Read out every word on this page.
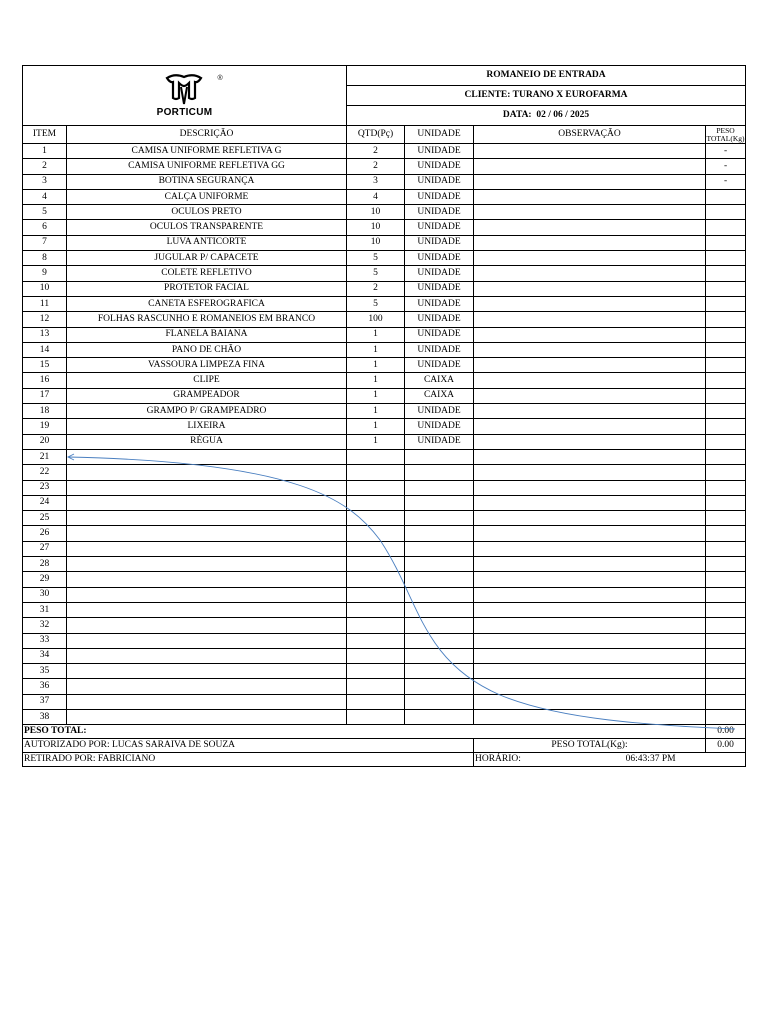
®
PORTICUM		ROMANEIO DE ENTRADA			
		CLIENTE: TURANO X EUROFARMA			
		DATA: 02 / 06 / 2025			
ITEM	DESCRIÇÃO	QTD(Pç)	UNIDADE	OBSERVAÇÃO	PESO TOTAL(Kg)
1	CAMISA UNIFORME REFLETIVA G	2	UNIDADE		-
2	CAMISA UNIFORME REFLETIVA GG	2	UNIDADE		-
3	BOTINA SEGURANÇA	3	UNIDADE		-
4	CALÇA UNIFORME	4	UNIDADE		
5	OCULOS PRETO	10	UNIDADE		
6	OCULOS TRANSPARENTE	10	UNIDADE		
7	LUVA ANTICORTE	10	UNIDADE		
8	JUGULAR P/ CAPACETE	5	UNIDADE		
9	COLETE REFLETIVO	5	UNIDADE		
10	PROTETOR FACIAL	2	UNIDADE		
11	CANETA ESFEROGRAFICA	5	UNIDADE		
12	FOLHAS RASCUNHO E ROMANEIOS EM BRANCO	100	UNIDADE		
13	FLANELA BAIANA	1	UNIDADE		
14	PANO DE CHÃO	1	UNIDADE		
15	VASSOURA LIMPEZA FINA	1	UNIDADE		
16	CLIPE	1	CAIXA		
17	GRAMPEADOR	1	CAIXA		
18	GRAMPO P/ GRAMPEADRO	1	UNIDADE		
19	LIXEIRA	1	UNIDADE		
20	RÉGUA	1	UNIDADE		
21					
22					
23					
24					
25					
26					
27					
28					
29					
30					
31					
32					
33					
34					
35					
36					
37					
38					
PESO TOTAL:					0.00
AUTORIZADO POR: LUCAS SARAIVA DE SOUZA				PESO TOTAL(Kg):	0.00
RETIRADO POR: FABRICIANO				HORÁRIO: 06:43:37 PM	
